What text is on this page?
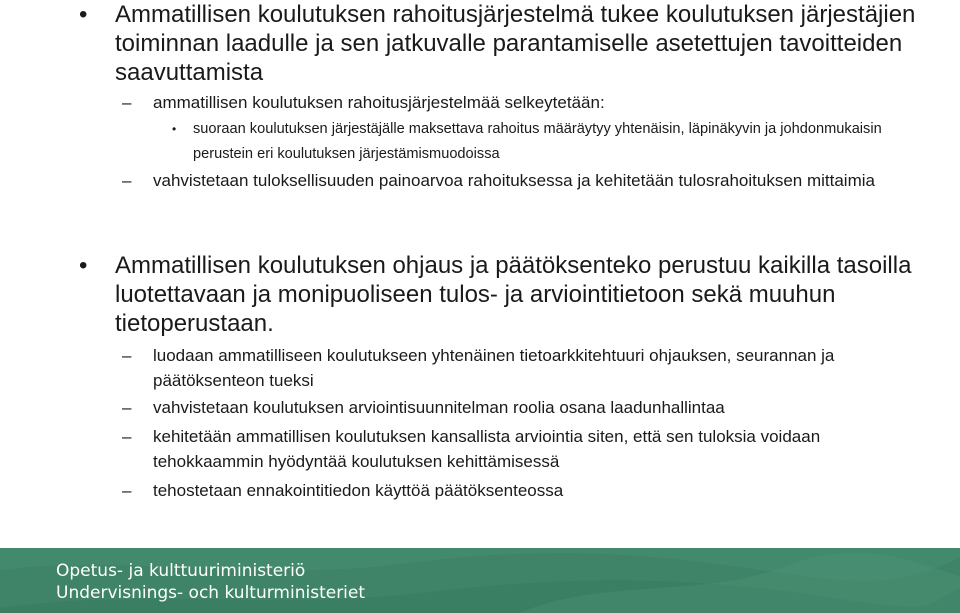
• Ammatillisen koulutuksen rahoitusjärjestelmä tukee koulutuksen järjestäjien toiminnan laadulle ja sen jatkuvalle parantamiselle asetettujen tavoitteiden saavuttamista
– ammatillisen koulutuksen rahoitusjärjestelmää selkeytetään:
• suoraan koulutuksen järjestäjälle maksettava rahoitus määräytyy yhtenäisin, läpinäkyvin ja johdonmukaisin perustein eri koulutuksen järjestämismuodoissa
– vahvistetaan tuloksellisuuden painoarvoa rahoituksessa ja kehitetään tulosrahoituksen mittaimia
• Ammatillisen koulutuksen ohjaus ja päätöksenteko perustuu kaikilla tasoilla luotettavaan ja monipuoliseen tulos- ja arviointitietoon sekä muuhun tietoperustaan.
– luodaan ammatilliseen koulutukseen yhtenäinen tietoarkkitehtuuri ohjauksen, seurannan ja päätöksenteon tueksi
– vahvistetaan koulutuksen arviointisuunnitelman roolia osana laadunhallintaa
– kehitetään ammatillisen koulutuksen kansallista arviointia siten, että sen tuloksia voidaan tehokkaammin hyödyntää koulutuksen kehittämisessä
– tehostetaan ennakointitiedon käyttöä päätöksenteossa
Opetus- ja kulttuuriministeriö
Undervisnings- och kulturministeriet
